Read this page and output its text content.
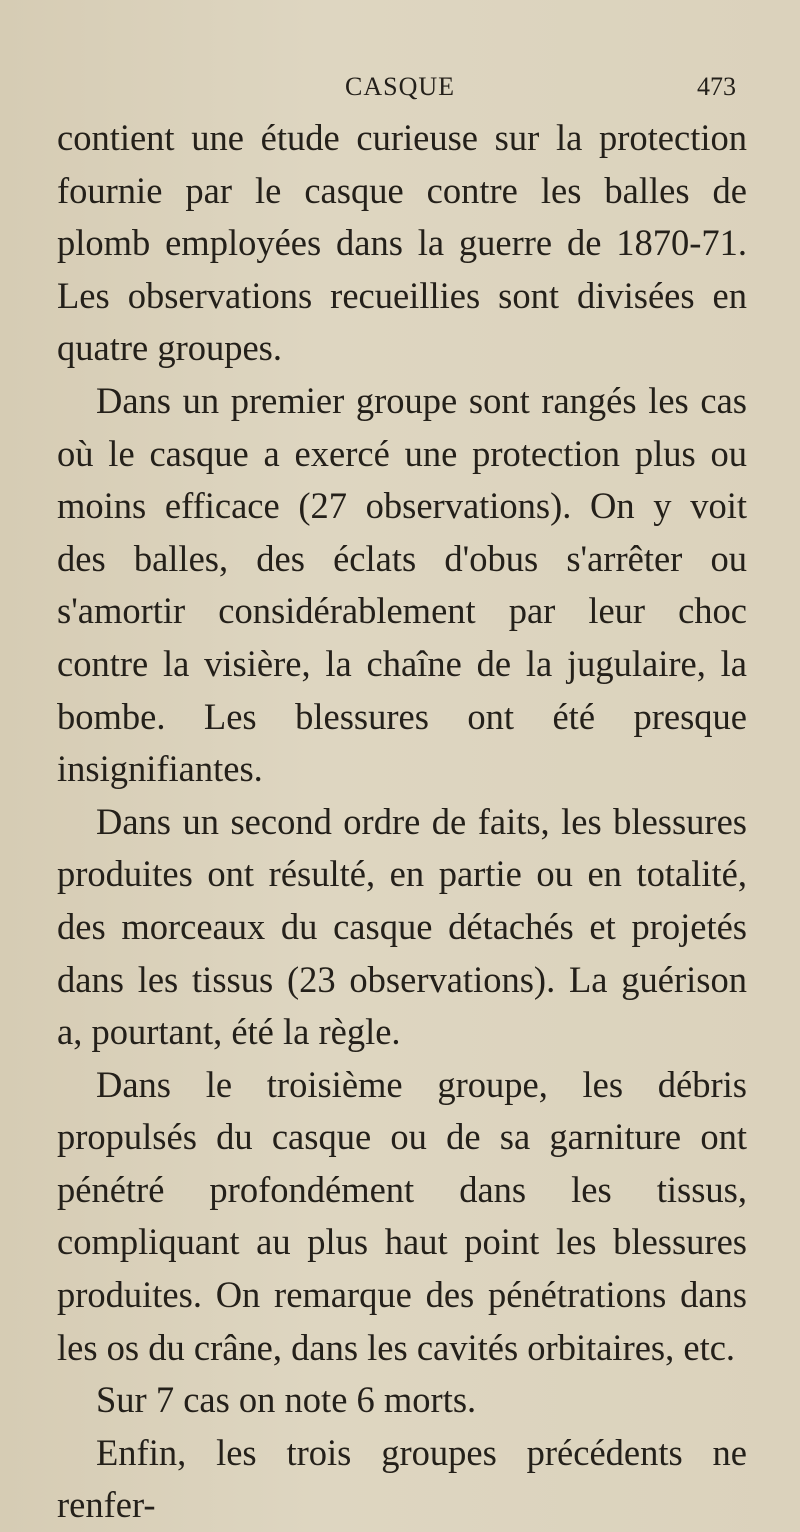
CASQUE	473

contient une étude curieuse sur la protection fournie par le casque contre les balles de plomb employées dans la guerre de 1870-71. Les observations recueillies sont divisées en quatre groupes.

Dans un premier groupe sont rangés les cas où le casque a exercé une protection plus ou moins efficace (27 observations). On y voit des balles, des éclats d'obus s'arrêter ou s'amortir considérablement par leur choc contre la visière, la chaîne de la jugulaire, la bombe. Les blessures ont été presque insignifiantes.

Dans un second ordre de faits, les blessures produites ont résulté, en partie ou en totalité, des morceaux du casque détachés et projetés dans les tissus (23 observations). La guérison a, pourtant, été la règle.

Dans le troisième groupe, les débris propulsés du casque ou de sa garniture ont pénétré profondément dans les tissus, compliquant au plus haut point les blessures produites. On remarque des pénétrations dans les os du crâne, dans les cavités orbitaires, etc.

Sur 7 cas on note 6 morts.

Enfin, les trois groupes précédents ne renfer-
